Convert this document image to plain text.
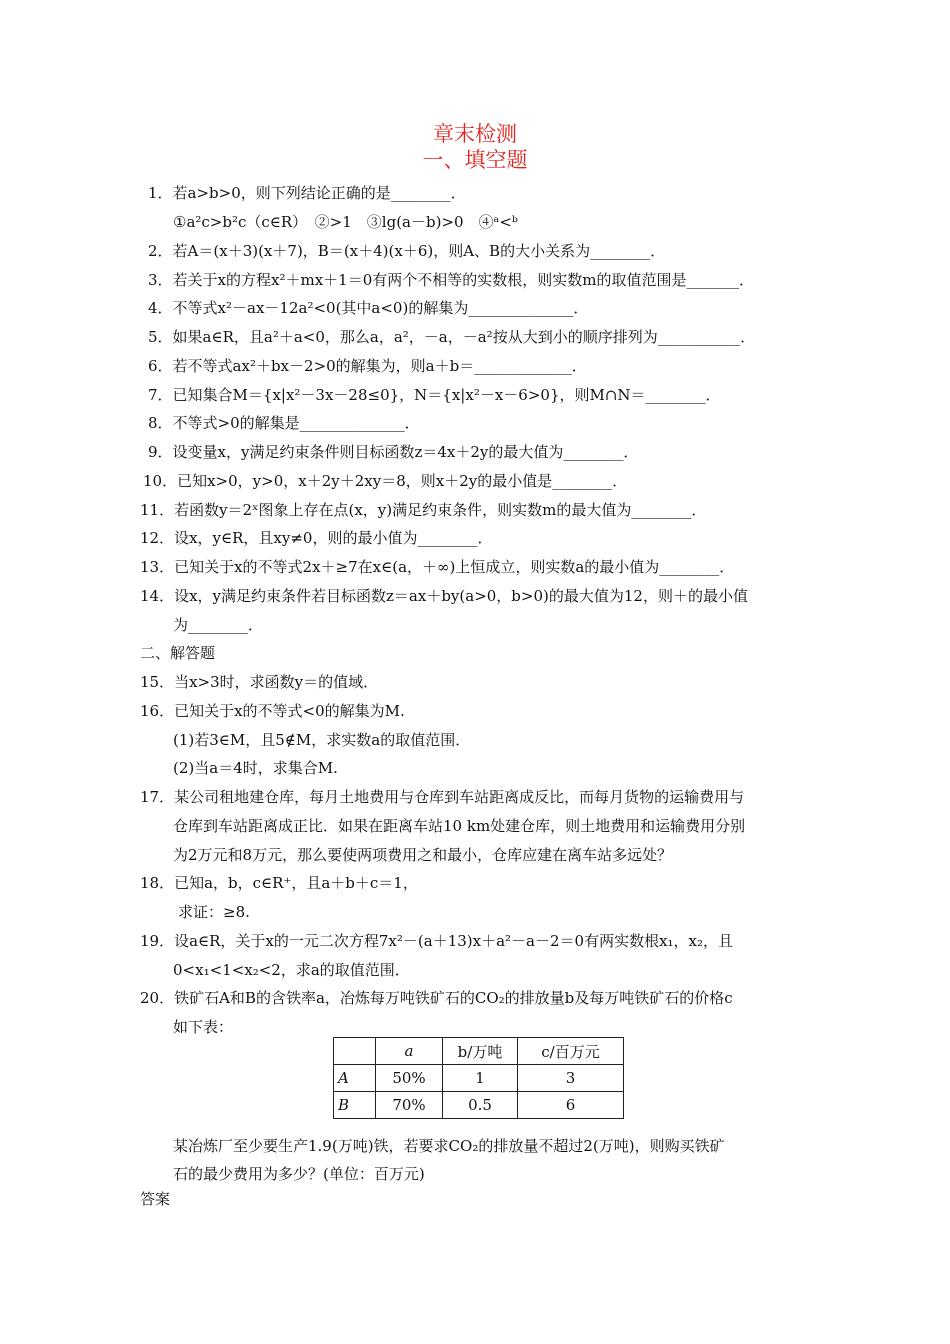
章末检测
一、填空题
1．若a>b>0，则下列结论正确的是________．
①a²c>b²c（c∈R）　②>1　③lg(a－b)>0　④ᵃ<ᵇ
2．若A＝(x＋3)(x＋7)，B＝(x＋4)(x＋6)，则A、B的大小关系为________．
3．若关于x的方程x²＋mx＋1＝0有两个不相等的实数根，则实数m的取值范围是_______．
4．不等式x²－ax－12a²<0(其中a<0)的解集为______________．
5．如果a∈R，且a²＋a<0，那么a，a²，－a，－a²按从大到小的顺序排列为___________．
6．若不等式ax²＋bx－2>0的解集为，则a＋b＝_____________．
7．已知集合M＝{x|x²－3x－28≤0}，N＝{x|x²－x－6>0}，则M∩N＝________．
8．不等式>0的解集是______________．
9．设变量x，y满足约束条件则目标函数z＝4x＋2y的最大值为________．
10．已知x>0，y>0，x＋2y＋2xy＝8，则x＋2y的最小值是________．
11．若函数y＝2ˣ图象上存在点(x，y)满足约束条件，则实数m的最大值为________．
12．设x，y∈R，且xy≠0，则的最小值为________．
13．已知关于x的不等式2x＋≥7在x∈(a，＋∞)上恒成立，则实数a的最小值为________．
14．设x，y满足约束条件若目标函数z＝ax＋by(a>0，b>0)的最大值为12，则＋的最小值
为________．
二、解答题
15．当x>3时，求函数y＝的值域．
16．已知关于x的不等式<0的解集为M.
(1)若3∈M，且5∉M，求实数a的取值范围．
(2)当a＝4时，求集合M.
17．某公司租地建仓库，每月土地费用与仓库到车站距离成反比，而每月货物的运输费用与
仓库到车站距离成正比．如果在距离车站10 km处建仓库，则土地费用和运输费用分别
为2万元和8万元，那么要使两项费用之和最小，仓库应建在离车站多远处？
18．已知a，b，c∈R⁺，且a＋b＋c＝1，
求证：≥8.
19．设a∈R，关于x的一元二次方程7x²－(a＋13)x＋a²－a－2＝0有两实数根x₁，x₂，且
0<x₁<1<x₂<2，求a的取值范围．
20．铁矿石A和B的含铁率a，冶炼每万吨铁矿石的CO₂的排放量b及每万吨铁矿石的价格c
如下表：
	a	b/万吨	c/百万元
A	50%	1	3
B	70%	0.5	6
某冶炼厂至少要生产1.9(万吨)铁，若要求CO₂的排放量不超过2(万吨)，则购买铁矿
石的最少费用为多少？(单位：百万元)
答案
